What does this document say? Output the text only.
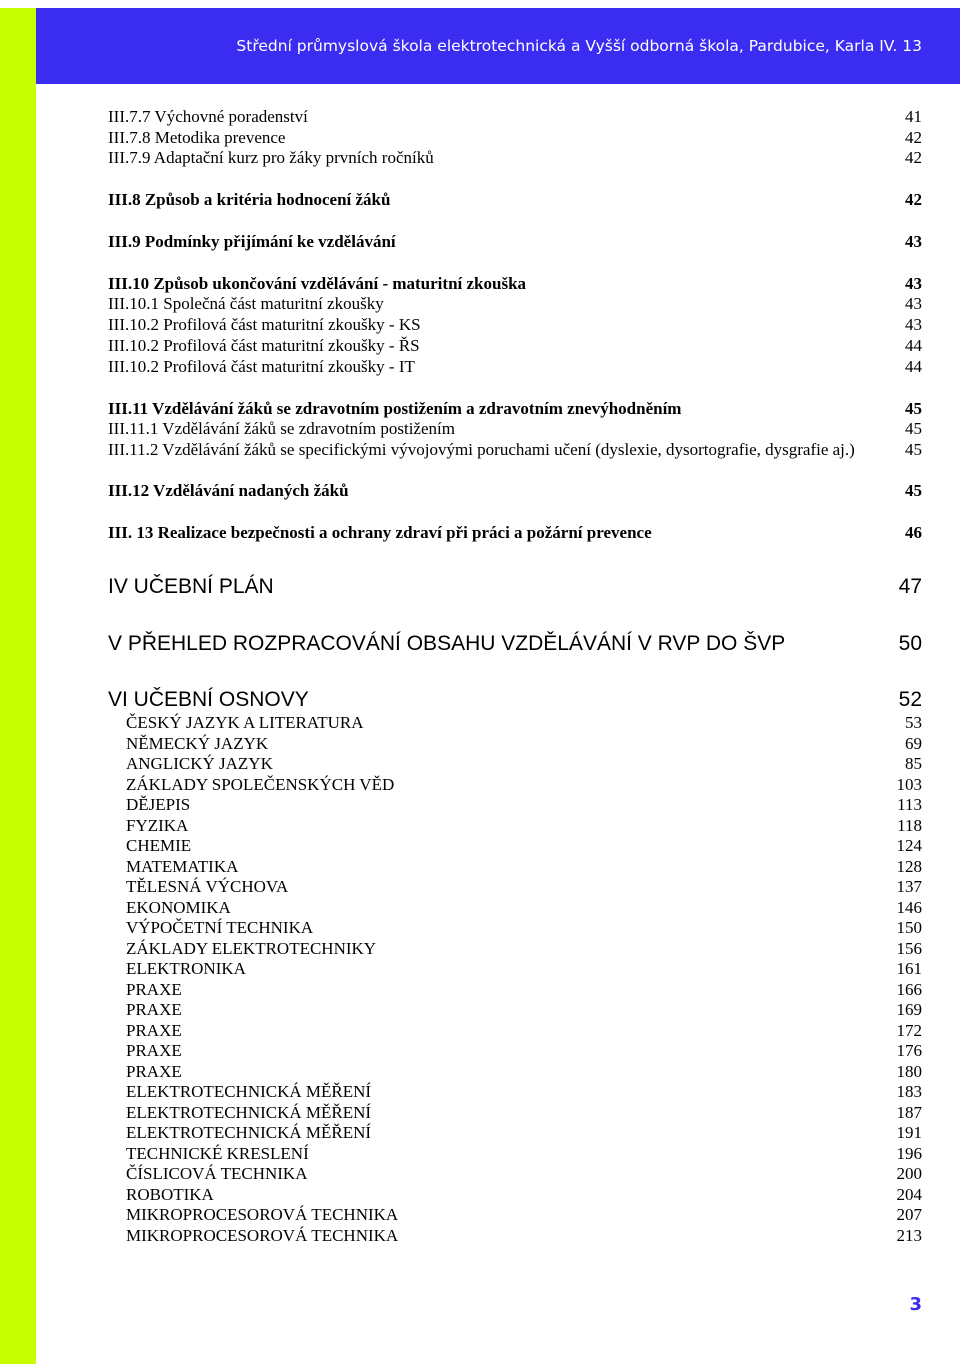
Střední průmyslová škola elektrotechnická a Vyšší odborná škola, Pardubice, Karla IV. 13
III.7.7 Výchovné poradenství	41
III.7.8 Metodika prevence	42
III.7.9 Adaptační kurz pro žáky prvních ročníků	42
III.8 Způsob a kritéria hodnocení žáků	42
III.9 Podmínky přijímání ke vzdělávání	43
III.10 Způsob ukončování vzdělávání - maturitní zkouška	43
III.10.1 Společná část maturitní zkoušky	43
III.10.2 Profilová část maturitní zkoušky - KS	43
III.10.2 Profilová část maturitní zkoušky - ŘS	44
III.10.2 Profilová část maturitní zkoušky - IT	44
III.11 Vzdělávání žáků se zdravotním postižením a zdravotním znevýhodněním	45
III.11.1 Vzdělávání žáků se zdravotním postižením	45
III.11.2 Vzdělávání žáků se specifickými vývojovými poruchami učení (dyslexie, dysortografie, dysgrafie aj.)	45
III.12 Vzdělávání nadaných žáků	45
III. 13 Realizace bezpečnosti a ochrany zdraví při práci a požární prevence	46
IV UČEBNÍ PLÁN	47
V PŘEHLED ROZPRACOVÁNÍ OBSAHU VZDĚLÁVÁNÍ V RVP DO ŠVP	50
VI UČEBNÍ OSNOVY	52
ČESKÝ JAZYK A LITERATURA	53
NĚMECKÝ JAZYK	69
ANGLICKÝ JAZYK	85
ZÁKLADY SPOLEČENSKÝCH VĚD	103
DĚJEPIS	113
FYZIKA	118
CHEMIE	124
MATEMATIKA	128
TĚLESNÁ VÝCHOVA	137
EKONOMIKA	146
VÝPOČETNÍ TECHNIKA	150
ZÁKLADY ELEKTROTECHNIKY	156
ELEKTRONIKA	161
PRAXE	166
PRAXE	169
PRAXE	172
PRAXE	176
PRAXE	180
ELEKTROTECHNICKÁ MĚŘENÍ	183
ELEKTROTECHNICKÁ MĚŘENÍ	187
ELEKTROTECHNICKÁ MĚŘENÍ	191
TECHNICKÉ KRESLENÍ	196
ČÍSLICOVÁ TECHNIKA	200
ROBOTIKA	204
MIKROPROCESOROVÁ TECHNIKA	207
MIKROPROCESOROVÁ TECHNIKA	213
3
